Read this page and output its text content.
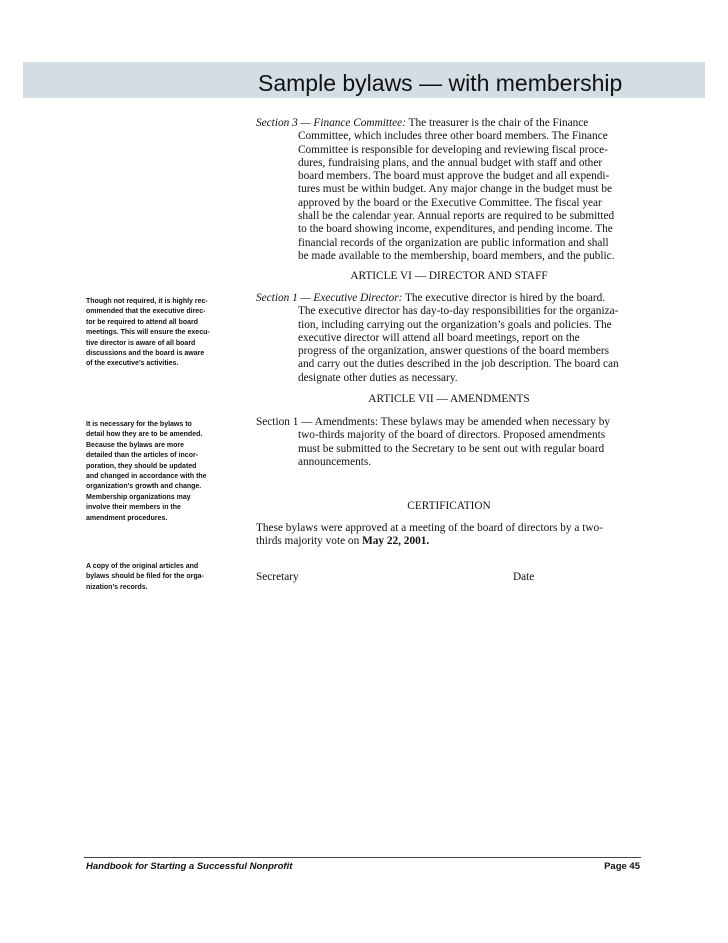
Sample bylaws — with membership
Section 3 — Finance Committee: The treasurer is the chair of the Finance
Committee, which includes three other board members. The Finance
Committee is responsible for developing and reviewing fiscal proce-
dures, fundraising plans, and the annual budget with staff and other
board members. The board must approve the budget and all expendi-
tures must be within budget. Any major change in the budget must be
approved by the board or the Executive Committee. The fiscal year
shall be the calendar year. Annual reports are required to be submitted
to the board showing income, expenditures, and pending income. The
financial records of the organization are public information and shall
be made available to the membership, board members, and the public.
ARTICLE VI — DIRECTOR AND STAFF
Section 1 — Executive Director: The executive director is hired by the board.
The executive director has day-to-day responsibilities for the organiza-
tion, including carrying out the organization’s goals and policies. The
executive director will attend all board meetings, report on the
progress of the organization, answer questions of the board members
and carry out the duties described in the job description. The board can
designate other duties as necessary.
ARTICLE VII — AMENDMENTS
Section 1 — Amendments: These bylaws may be amended when necessary by
two-thirds majority of the board of directors. Proposed amendments
must be submitted to the Secretary to be sent out with regular board
announcements.
CERTIFICATION
These bylaws were approved at a meeting of the board of directors by a two-
thirds majority vote on May 22, 2001.
Secretary	Date
Though not required, it is highly rec-
ommended that the executive direc-
tor be required to attend all board
meetings. This will ensure the execu-
tive director is aware of all board
discussions and the board is aware
of the executive’s activities.
It is necessary for the bylaws to
detail how they are to be amended.
Because the bylaws are more
detailed than the articles of incor-
poration, they should be updated
and changed in accordance with the
organization’s growth and change.
Membership organizations may
involve their members in the
amendment procedures.
A copy of the original articles and
bylaws should be filed for the orga-
nization’s records.
Handbook for Starting a Successful Nonprofit	Page 45
